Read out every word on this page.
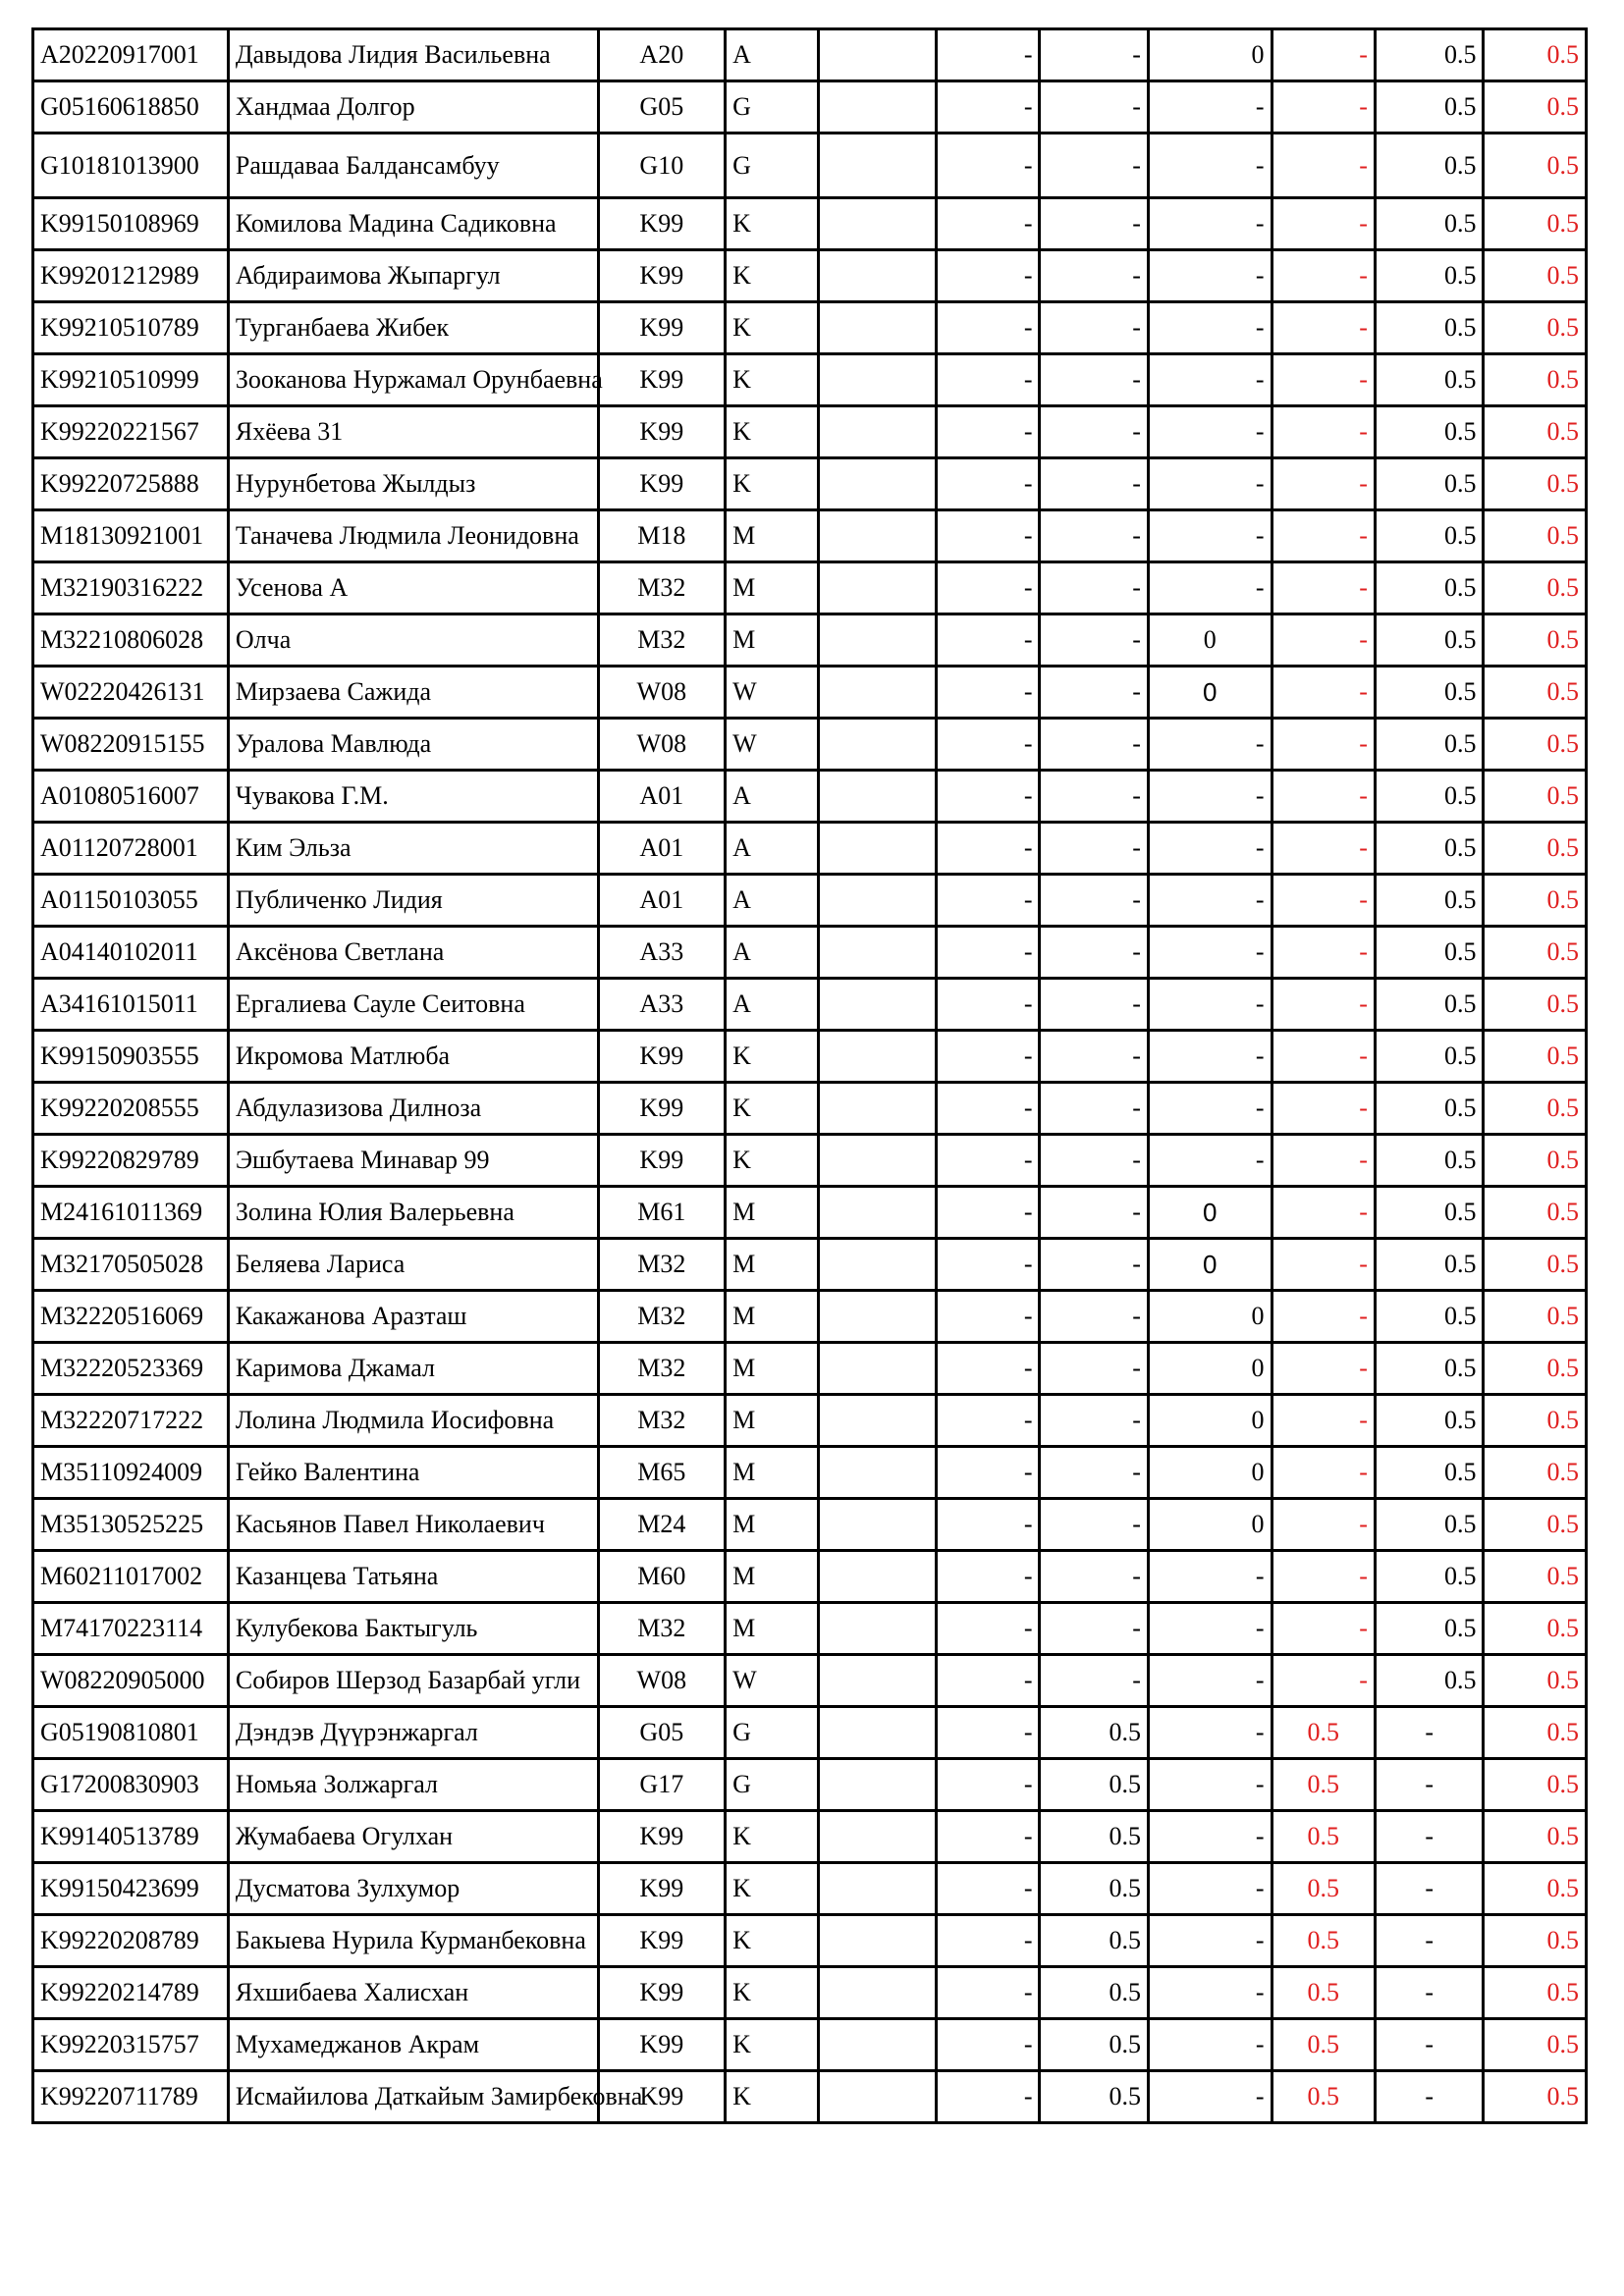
A20220917001	Давыдова Лидия Васильевна	A20	A		-	-	0	-	0.5	0.5
G05160618850	Хандмаа Долгор	G05	G		-	-	-	-	0.5	0.5
G10181013900	Рашдаваа Балдансамбуу	G10	G		-	-	-	-	0.5	0.5
K99150108969	Комилова Мадина Садиковна	K99	K		-	-	-	-	0.5	0.5
K99201212989	Абдираимова Жыпаргул	K99	K		-	-	-	-	0.5	0.5
K99210510789	Турганбаева Жибек	K99	K		-	-	-	-	0.5	0.5
K99210510999	Зооканова Нуржамал Орунбаевна	K99	K		-	-	-	-	0.5	0.5
K99220221567	Яхёева 31	K99	K		-	-	-	-	0.5	0.5
K99220725888	Нурунбетова Жылдыз	K99	K		-	-	-	-	0.5	0.5
M18130921001	Таначева Людмила Леонидовна	M18	M		-	-	-	-	0.5	0.5
M32190316222	Усенова А	M32	M		-	-	-	-	0.5	0.5
M32210806028	Олча	M32	M		-	-	0	-	0.5	0.5
W02220426131	Мирзаева Сажида	W08	W		-	-	0	-	0.5	0.5
W08220915155	Уралова Мавлюда	W08	W		-	-	-	-	0.5	0.5
A01080516007	Чувакова Г.М.	A01	A		-	-	-	-	0.5	0.5
A01120728001	Ким Эльза	A01	A		-	-	-	-	0.5	0.5
A01150103055	Публиченко Лидия	A01	A		-	-	-	-	0.5	0.5
A04140102011	Аксёнова Светлана	A33	A		-	-	-	-	0.5	0.5
A34161015011	Ергалиева Сауле Сеитовна	A33	A		-	-	-	-	0.5	0.5
K99150903555	Икромова Матлюба	K99	K		-	-	-	-	0.5	0.5
K99220208555	Абдулазизова Дилноза	K99	K		-	-	-	-	0.5	0.5
K99220829789	Эшбутаева Минавар 99	K99	K		-	-	-	-	0.5	0.5
M24161011369	Золина Юлия Валерьевна	M61	M		-	-	0	-	0.5	0.5
M32170505028	Беляева Лариса	M32	M		-	-	0	-	0.5	0.5
M32220516069	Какажанова Аразташ	M32	M		-	-	0	-	0.5	0.5
M32220523369	Каримова Джамал	M32	M		-	-	0	-	0.5	0.5
M32220717222	Лолина Людмила Иосифовна	M32	M		-	-	0	-	0.5	0.5
M35110924009	Гейко Валентина	M65	M		-	-	0	-	0.5	0.5
M35130525225	Касьянов Павел Николаевич	M24	M		-	-	0	-	0.5	0.5
M60211017002	Казанцева Татьяна	M60	M		-	-	-	-	0.5	0.5
M74170223114	Кулубекова Бактыгуль	M32	M		-	-	-	-	0.5	0.5
W08220905000	Собиров Шерзод Базарбай угли	W08	W		-	-	-	-	0.5	0.5
G05190810801	Дэндэв Дүүрэнжаргал	G05	G		-	0.5	-	0.5	-	0.5
G17200830903	Номьяа Золжаргал	G17	G		-	0.5	-	0.5	-	0.5
K99140513789	Жумабаева Огулхан	K99	K		-	0.5	-	0.5	-	0.5
K99150423699	Дусматова Зулхумор	K99	K		-	0.5	-	0.5	-	0.5
K99220208789	Бакыева Нурила Курманбековна	K99	K		-	0.5	-	0.5	-	0.5
K99220214789	Яхшибаева Халисхан	K99	K		-	0.5	-	0.5	-	0.5
K99220315757	Мухамеджанов Акрам	K99	K		-	0.5	-	0.5	-	0.5
K99220711789	Исмайилова Даткайым Замирбековна	K99	K		-	0.5	-	0.5	-	0.5
